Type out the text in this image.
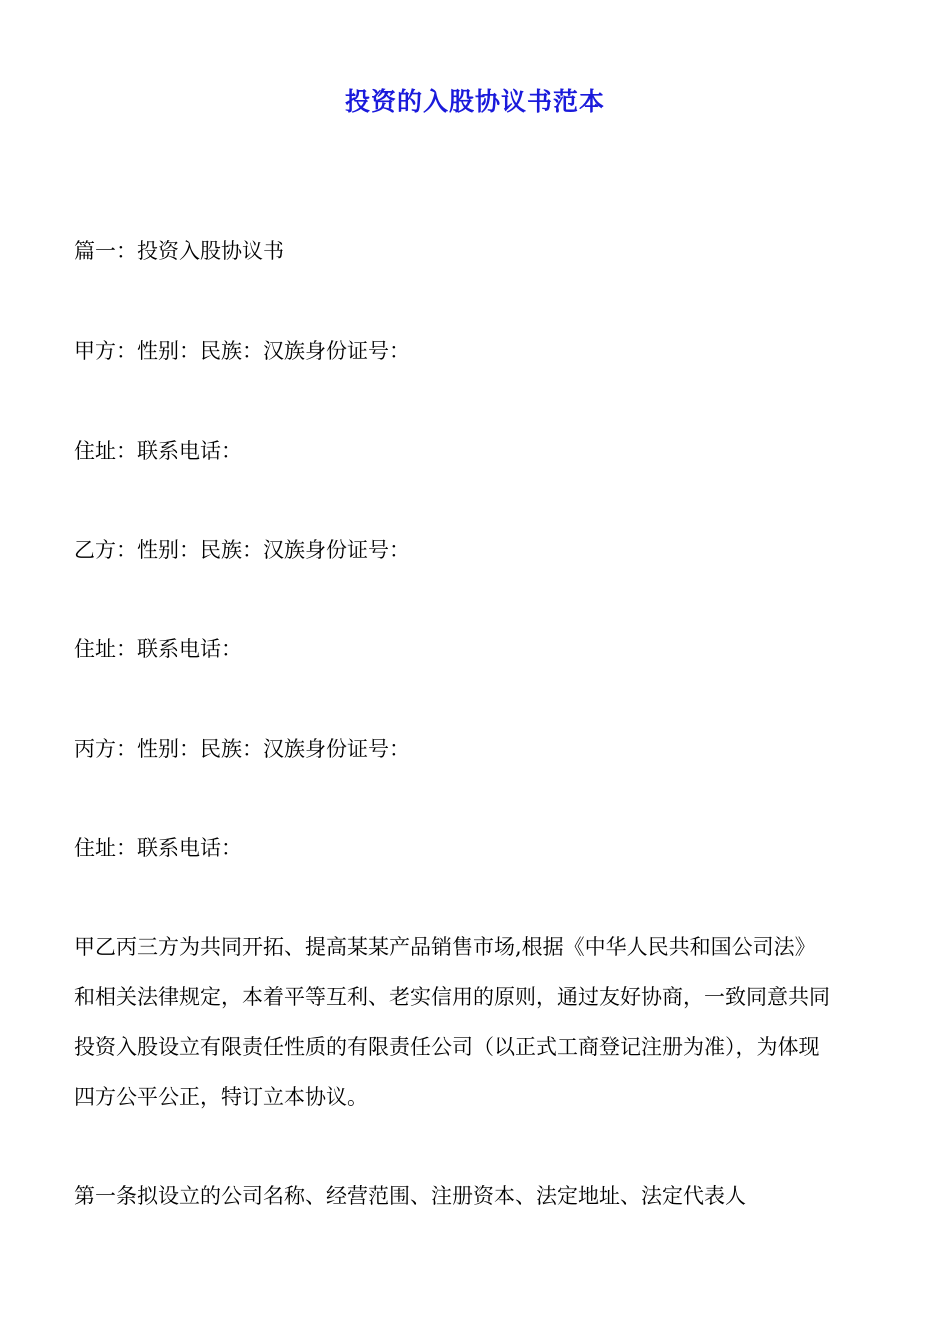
投资的入股协议书范本
篇一：投资入股协议书
甲方：性别：民族：汉族身份证号：
住址：联系电话：
乙方：性别：民族：汉族身份证号：
住址：联系电话：
丙方：性别：民族：汉族身份证号：
住址：联系电话：
甲乙丙三方为共同开拓、提高某某产品销售市场,根据《中华人民共和国公司法》
和相关法律规定，本着平等互利、老实信用的原则，通过友好协商，一致同意共同
投资入股设立有限责任性质的有限责任公司（以正式工商登记注册为准），为体现
四方公平公正，特订立本协议。
第一条拟设立的公司名称、经营范围、注册资本、法定地址、法定代表人
